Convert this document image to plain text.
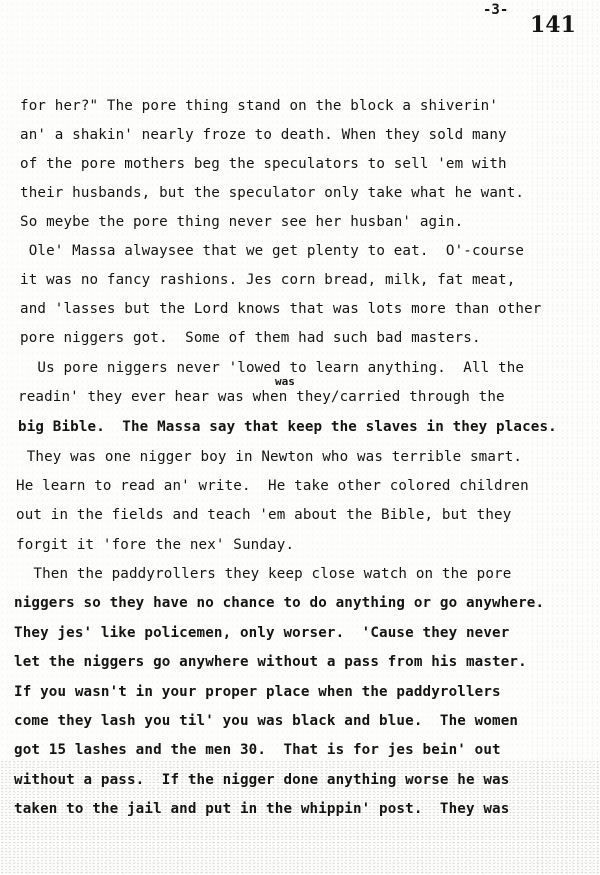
-3-
141
was
for her?" The pore thing stand on the block a shiverin'
an' a shakin' nearly froze to death. When they sold many
of the pore mothers beg the speculators to sell 'em with
their husbands, but the speculator only take what he want.
So meybe the pore thing never see her husban' agin.
Ole' Massa alwaysee that we get plenty to eat.  O'-course
it was no fancy rashions. Jes corn bread, milk, fat meat,
and 'lasses but the Lord knows that was lots more than other
pore niggers got.  Some of them had such bad masters.
Us pore niggers never 'lowed to learn anything.  All the
readin' they ever hear was when they/carried through the
big Bible.  The Massa say that keep the slaves in they places.
They was one nigger boy in Newton who was terrible smart.
He learn to read an' write.  He take other colored children
out in the fields and teach 'em about the Bible, but they
forgit it 'fore the nex' Sunday.
Then the paddyrollers they keep close watch on the pore
niggers so they have no chance to do anything or go anywhere.
They jes' like policemen, only worser.  'Cause they never
let the niggers go anywhere without a pass from his master.
If you wasn't in your proper place when the paddyrollers
come they lash you til' you was black and blue.  The women
got 15 lashes and the men 30.  That is for jes bein' out
without a pass.  If the nigger done anything worse he was
taken to the jail and put in the whippin' post.  They was
